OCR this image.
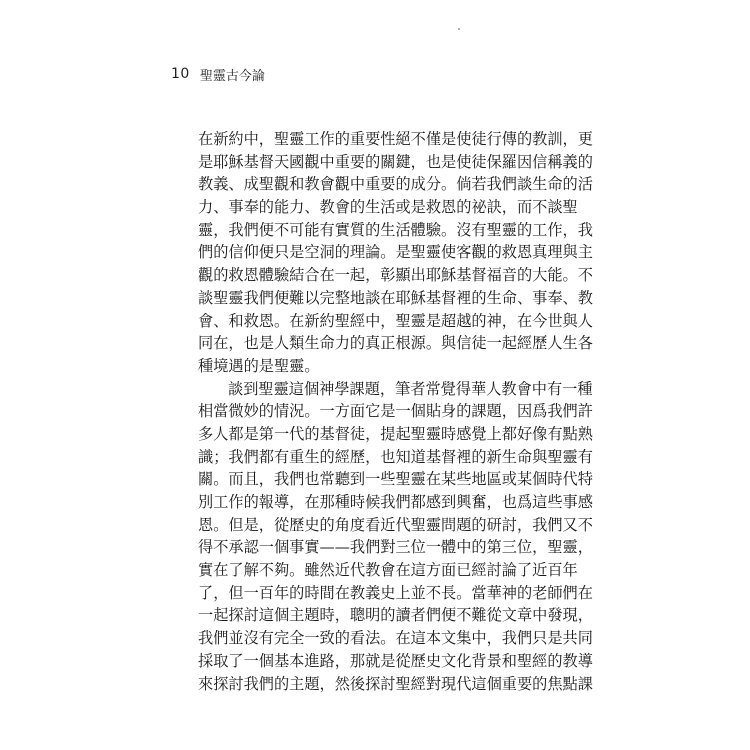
10 聖靈古今論

在新約中，聖靈工作的重要性絕不僅是使徒行傳的教訓，更
是耶穌基督天國觀中重要的關鍵，也是使徒保羅因信稱義的
教義、成聖觀和教會觀中重要的成分。倘若我們談生命的活
力、事奉的能力、教會的生活或是救恩的祕訣，而不談聖
靈，我們便不可能有實質的生活體驗。沒有聖靈的工作，我
們的信仰便只是空洞的理論。是聖靈使客觀的救恩真理與主
觀的救恩體驗結合在一起，彰顯出耶穌基督福音的大能。不
談聖靈我們便難以完整地談在耶穌基督裡的生命、事奉、教
會、和救恩。在新約聖經中，聖靈是超越的神，在今世與人
同在，也是人類生命力的真正根源。與信徒一起經歷人生各
種境遇的是聖靈。

談到聖靈這個神學課題，筆者常覺得華人教會中有一種
相當微妙的情況。一方面它是一個貼身的課題，因爲我們許
多人都是第一代的基督徒，提起聖靈時感覺上都好像有點熟
識；我們都有重生的經歷，也知道基督裡的新生命與聖靈有
關。而且，我們也常聽到一些聖靈在某些地區或某個時代特
別工作的報導，在那種時候我們都感到興奮，也爲這些事感
恩。但是，從歷史的角度看近代聖靈問題的研討，我們又不
得不承認一個事實——我們對三位一體中的第三位，聖靈，
實在了解不夠。雖然近代教會在這方面已經討論了近百年
了，但一百年的時間在教義史上並不長。當華神的老師們在
一起探討這個主題時，聰明的讀者們便不難從文章中發現，
我們並沒有完全一致的看法。在這本文集中，我們只是共同
採取了一個基本進路，那就是從歷史文化背景和聖經的教導
來探討我們的主題，然後探討聖經對現代這個重要的焦點課
